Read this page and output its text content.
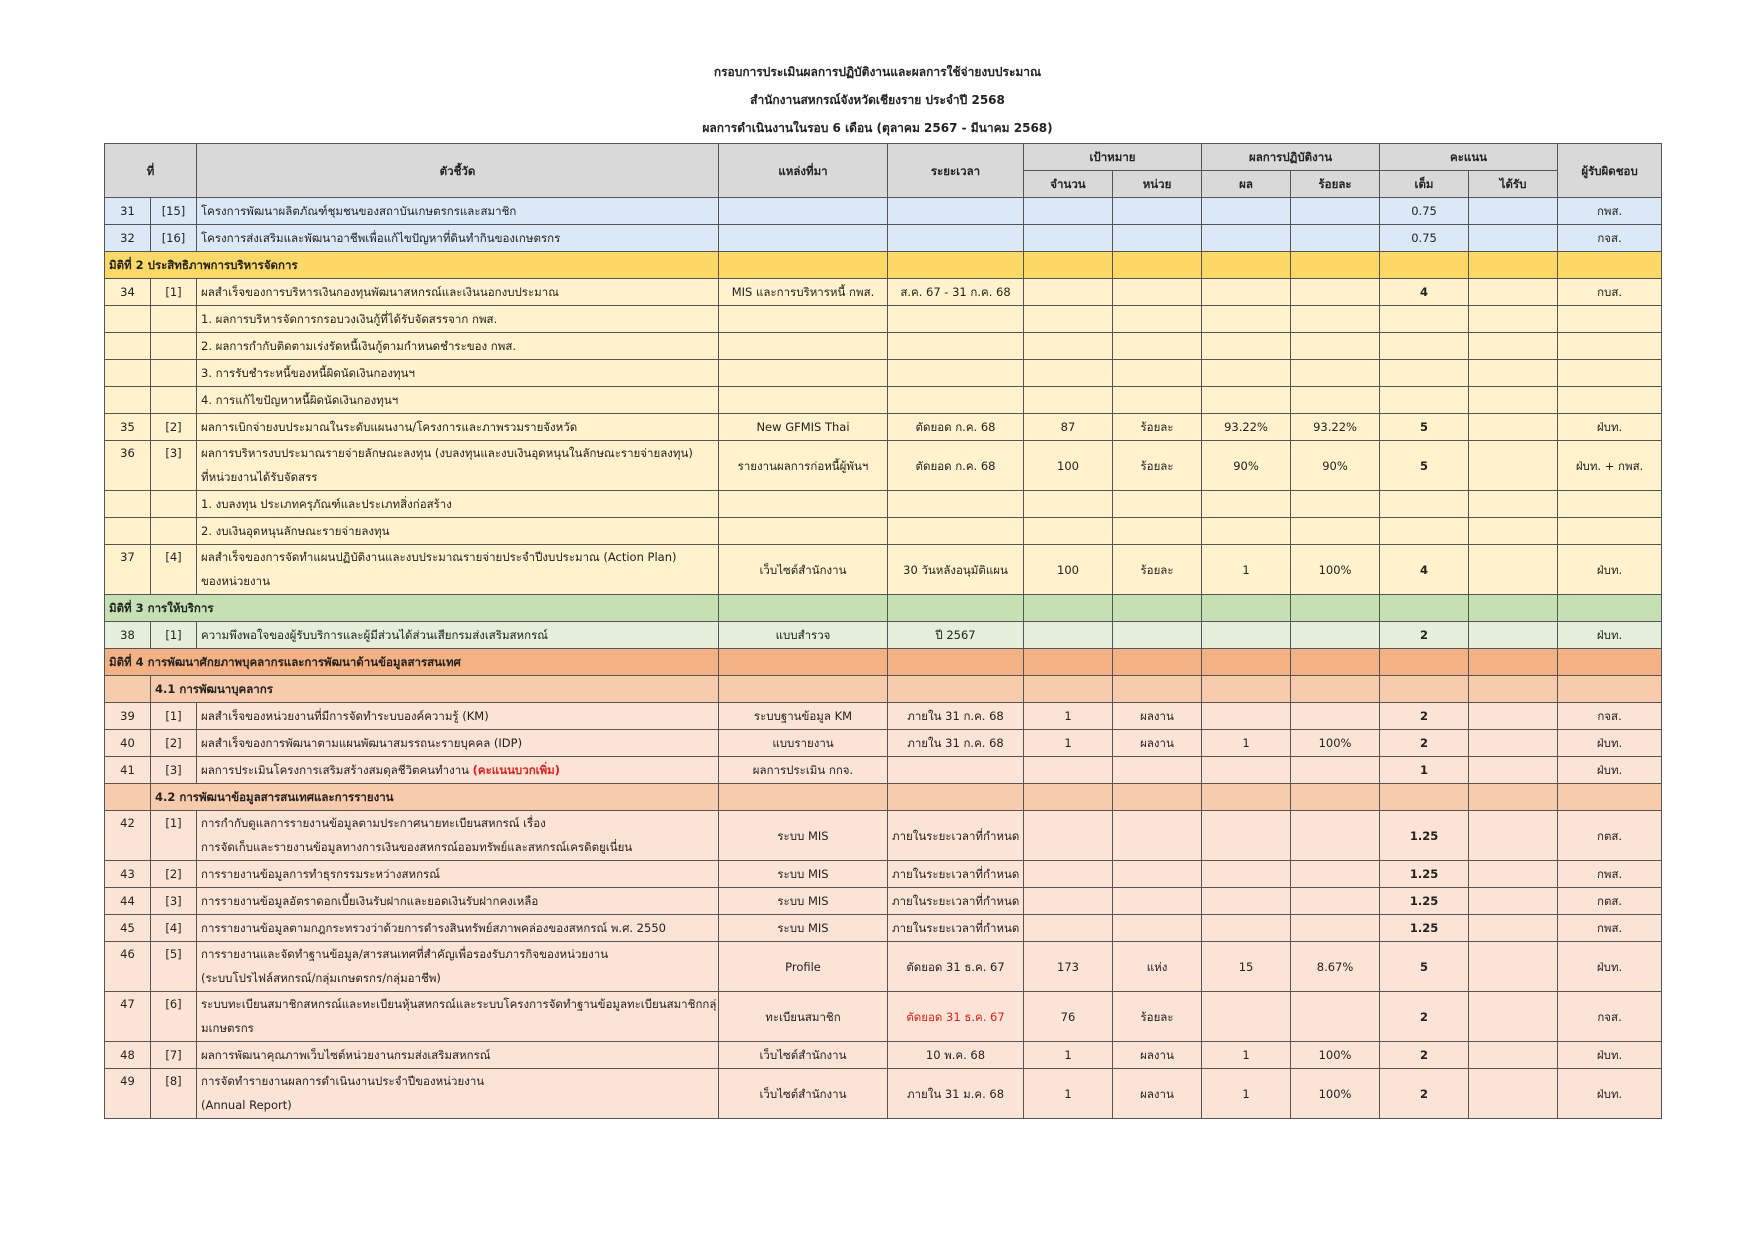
กรอบการประเมินผลการปฏิบัติงานและผลการใช้จ่ายงบประมาณ
สำนักงานสหกรณ์จังหวัดเชียงราย ประจำปี 2568
ผลการดำเนินงานในรอบ 6 เดือน (ตุลาคม 2567 - มีนาคม 2568)
ที่		ตัวชี้วัด	แหล่งที่มา	ระยะเวลา	เป้าหมาย		ผลการปฏิบัติงาน		คะแนน		ผู้รับผิดชอบ
					จำนวน	หน่วย	ผล	ร้อยละ	เต็ม	ได้รับ	
31	[15]	โครงการพัฒนาผลิตภัณฑ์ชุมชนของสถาบันเกษตรกรและสมาชิก							0.75		กพส.
32	[16]	โครงการส่งเสริมและพัฒนาอาชีพเพื่อแก้ไขปัญหาที่ดินทำกินของเกษตรกร							0.75		กจส.
มิติที่ 2 ประสิทธิภาพการบริหารจัดการ											
34	[1]	ผลสำเร็จของการบริหารเงินกองทุนพัฒนาสหกรณ์และเงินนอกงบประมาณ	MIS และการบริหารหนี้ กพส.	ส.ค. 67 - 31 ก.ค. 68					4		กบส.
		1. ผลการบริหารจัดการกรอบวงเงินกู้ที่ได้รับจัดสรรจาก กพส.									
		2. ผลการกำกับติดตามเร่งรัดหนี้เงินกู้ตามกำหนดชำระของ กพส.									
		3. การรับชำระหนี้ของหนี้ผิดนัดเงินกองทุนฯ									
		4. การแก้ไขปัญหาหนี้ผิดนัดเงินกองทุนฯ									
35	[2]	ผลการเบิกจ่ายงบประมาณในระดับแผนงาน/โครงการและภาพรวมรายจังหวัด	New GFMIS Thai	ตัดยอด ก.ค. 68	87	ร้อยละ	93.22%	93.22%	5		ฝ่บท.
36	[3]	ผลการบริหารงบประมาณรายจ่ายลักษณะลงทุน (งบลงทุนและงบเงินอุดหนุนในลักษณะรายจ่ายลงทุน)
ที่หน่วยงานได้รับจัดสรร	รายงานผลการก่อหนี้ผู้พันฯ	ตัดยอด ก.ค. 68	100	ร้อยละ	90%	90%	5		ฝ่บท. + กพส.
		1. งบลงทุน ประเภทครุภัณฑ์และประเภทสิ่งก่อสร้าง									
		2. งบเงินอุดหนุนลักษณะรายจ่ายลงทุน									
37	[4]	ผลสำเร็จของการจัดทำแผนปฏิบัติงานและงบประมาณรายจ่ายประจำปีงบประมาณ (Action Plan)
ของหน่วยงาน	เว็บไซต์สำนักงาน	30 วันหลังอนุมัติแผน	100	ร้อยละ	1	100%	4		ฝ่บท.
มิติที่ 3 การให้บริการ											
38	[1]	ความพึงพอใจของผู้รับบริการและผู้มีส่วนได้ส่วนเสียกรมส่งเสริมสหกรณ์	แบบสำรวจ	ปี 2567					2		ฝ่บท.
มิติที่ 4 การพัฒนาศักยภาพบุคลากรและการพัฒนาด้านข้อมูลสารสนเทศ											
	4.1 การพัฒนาบุคลากร										
39	[1]	ผลสำเร็จของหน่วยงานที่มีการจัดทำระบบองค์ความรู้ (KM)	ระบบฐานข้อมูล KM	ภายใน 31 ก.ค. 68	1	ผลงาน			2		กจส.
40	[2]	ผลสำเร็จของการพัฒนาตามแผนพัฒนาสมรรถนะรายบุคคล (IDP)	แบบรายงาน	ภายใน 31 ก.ค. 68	1	ผลงาน	1	100%	2		ฝ่บท.
41	[3]	ผลการประเมินโครงการเสริมสร้างสมดุลชีวิตคนทำงาน (คะแนนบวกเพิ่ม)	ผลการประเมิน กกจ.						1		ฝ่บท.
	4.2 การพัฒนาข้อมูลสารสนเทศและการรายงาน										
42	[1]	การกำกับดูแลการรายงานข้อมูลตามประกาศนายทะเบียนสหกรณ์ เรื่อง
การจัดเก็บและรายงานข้อมูลทางการเงินของสหกรณ์ออมทรัพย์และสหกรณ์เครดิตยูเนี่ยน	ระบบ MIS	ภายในระยะเวลาที่กำหนด					1.25		กตส.
43	[2]	การรายงานข้อมูลการทำธุรกรรมระหว่างสหกรณ์	ระบบ MIS	ภายในระยะเวลาที่กำหนด					1.25		กพส.
44	[3]	การรายงานข้อมูลอัตราดอกเบี้ยเงินรับฝากและยอดเงินรับฝากคงเหลือ	ระบบ MIS	ภายในระยะเวลาที่กำหนด					1.25		กตส.
45	[4]	การรายงานข้อมูลตามกฎกระทรวงว่าด้วยการดำรงสินทรัพย์สภาพคล่องของสหกรณ์ พ.ศ. 2550	ระบบ MIS	ภายในระยะเวลาที่กำหนด					1.25		กพส.
46	[5]	การรายงานและจัดทำฐานข้อมูล/สารสนเทศที่สำคัญเพื่อรองรับภารกิจของหน่วยงาน
(ระบบโปรไฟล์สหกรณ์/กลุ่มเกษตรกร/กลุ่มอาชีพ)	Profile	ตัดยอด 31 ธ.ค. 67	173	แห่ง	15	8.67%	5		ฝ่บท.
47	[6]	ระบบทะเบียนสมาชิกสหกรณ์และทะเบียนหุ้นสหกรณ์และระบบโครงการจัดทำฐานข้อมูลทะเบียนสมาชิกกลุ่
มเกษตรกร	ทะเบียนสมาชิก	ตัดยอด 31 ธ.ค. 67	76	ร้อยละ			2		กจส.
48	[7]	ผลการพัฒนาคุณภาพเว็บไซต์หน่วยงานกรมส่งเสริมสหกรณ์	เว็บไซต์สำนักงาน	10 พ.ค. 68	1	ผลงาน	1	100%	2		ฝ่บท.
49	[8]	การจัดทำรายงานผลการดำเนินงานประจำปีของหน่วยงาน
(Annual Report)	เว็บไซต์สำนักงาน	ภายใน 31 ม.ค. 68	1	ผลงาน	1	100%	2		ฝ่บท.
